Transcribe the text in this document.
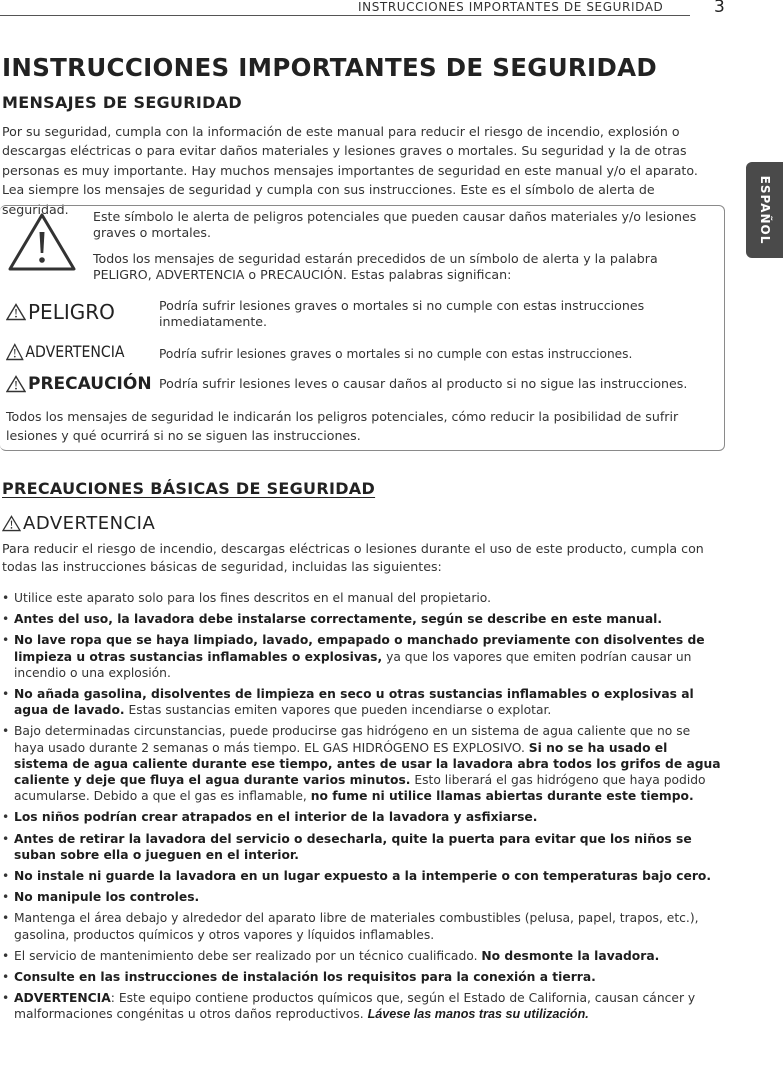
INSTRUCCIONES IMPORTANTES DE SEGURIDAD	3
ESPAÑOL
INSTRUCCIONES IMPORTANTES DE SEGURIDAD
MENSAJES DE SEGURIDAD
Por su seguridad, cumpla con la información de este manual para reducir el riesgo de incendio, explosión o descargas eléctricas o para evitar daños materiales y lesiones graves o mortales. Su seguridad y la de otras personas es muy importante. Hay muchos mensajes importantes de seguridad en este manual y/o el aparato. Lea siempre los mensajes de seguridad y cumpla con sus instrucciones. Este es el símbolo de alerta de seguridad.	Este símbolo le alerta de peligros potenciales que pueden causar daños materiales y/o lesiones graves o mortales.
Todos los mensajes de seguridad estarán precedidos de un símbolo de alerta y la palabra PELIGRO, ADVERTENCIA o PRECAUCIÓN. Estas palabras significan:
PELIGRO	Podría sufrir lesiones graves o mortales si no cumple con estas instrucciones inmediatamente.
ADVERTENCIA	Podría sufrir lesiones graves o mortales si no cumple con estas instrucciones.
PRECAUCIÓN Podría sufrir lesiones leves o causar daños al producto si no sigue las instrucciones.
Todos los mensajes de seguridad le indicarán los peligros potenciales, cómo reducir la posibilidad de sufrir lesiones y qué ocurrirá si no se siguen las instrucciones.
PRECAUCIONES BÁSICAS DE SEGURIDAD
ADVERTENCIA
Para reducir el riesgo de incendio, descargas eléctricas o lesiones durante el uso de este producto, cumpla con todas las instrucciones básicas de seguridad, incluidas las siguientes:
• Utilice este aparato solo para los fines descritos en el manual del propietario.
• Antes del uso, la lavadora debe instalarse correctamente, según se describe en este manual.
• No lave ropa que se haya limpiado, lavado, empapado o manchado previamente con disolventes de limpieza u otras sustancias inflamables o explosivas, ya que los vapores que emiten podrían causar un incendio o una explosión.
• No añada gasolina, disolventes de limpieza en seco u otras sustancias inflamables o explosivas al agua de lavado. Estas sustancias emiten vapores que pueden incendiarse o explotar.
• Bajo determinadas circunstancias, puede producirse gas hidrógeno en un sistema de agua caliente que no se haya usado durante 2 semanas o más tiempo. EL GAS HIDRÓGENO ES EXPLOSIVO. Si no se ha usado el sistema de agua caliente durante ese tiempo, antes de usar la lavadora abra todos los grifos de agua caliente y deje que fluya el agua durante varios minutos. Esto liberará el gas hidrógeno que haya podido acumularse. Debido a que el gas es inflamable, no fume ni utilice llamas abiertas durante este tiempo.
• Los niños podrían crear atrapados en el interior de la lavadora y asfixiarse.
• Antes de retirar la lavadora del servicio o desecharla, quite la puerta para evitar que los niños se suban sobre ella o jueguen en el interior.
• No instale ni guarde la lavadora en un lugar expuesto a la intemperie o con temperaturas bajo cero.
• No manipule los controles.
• Mantenga el área debajo y alrededor del aparato libre de materiales combustibles (pelusa, papel, trapos, etc.), gasolina, productos químicos y otros vapores y líquidos inflamables.
• El servicio de mantenimiento debe ser realizado por un técnico cualificado. No desmonte la lavadora.
• Consulte en las instrucciones de instalación los requisitos para la conexión a tierra.
• ADVERTENCIA: Este equipo contiene productos químicos que, según el Estado de California, causan cáncer y malformaciones congénitas u otros daños reproductivos. Lávese las manos tras su utilización.
